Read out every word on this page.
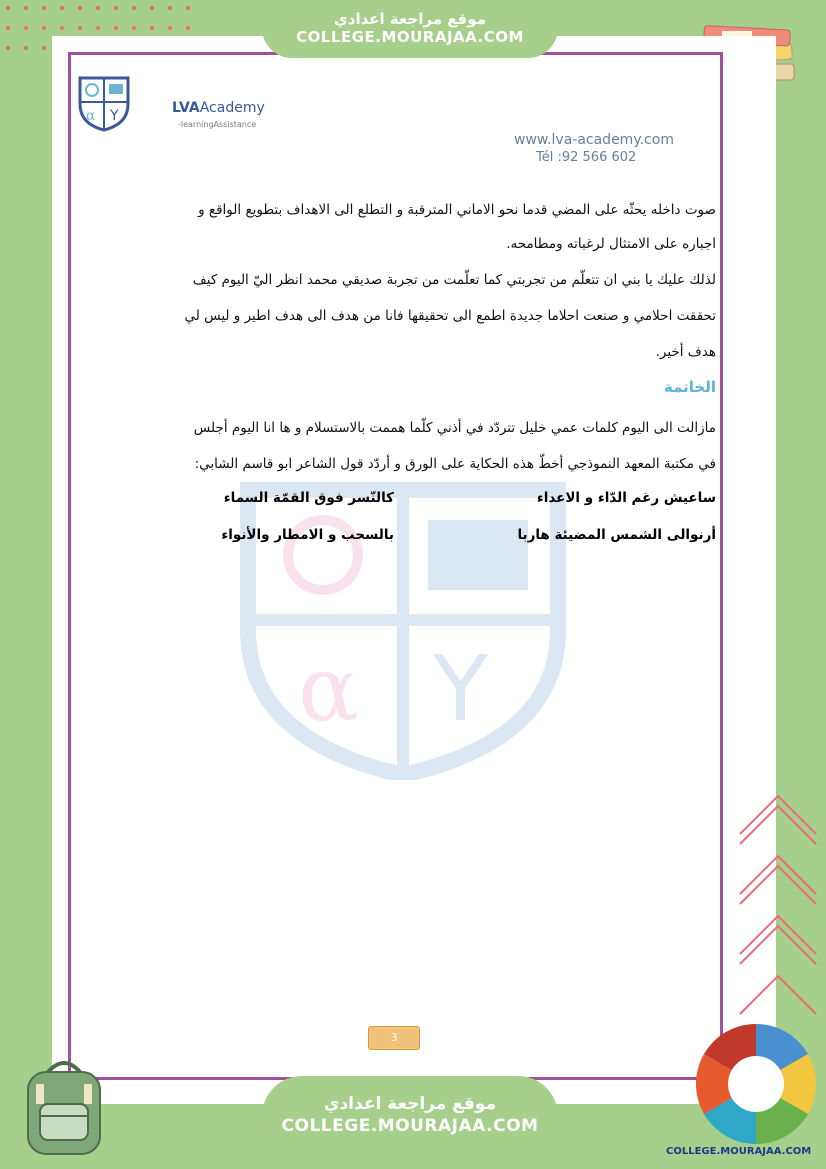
موقع مراجعة اعدادي
COLLEGE.MOURAJAA.COM
α Y	LVAAcademy
-learningAssistance
www.lva-academy.com
Tél :92 566 602
α Y
صوت داخله يحثّه على المضي قدما نحو الاماني المترقبة و التطلع الى الاهداف بتطويع الواقع و
اجباره على الامتثال لرغباته ومطامحه.
لذلك عليك يا بني ان تتعلّم من تجربتي كما تعلّمت من تجربة صديقي محمد انظر اليّ اليوم كيف
تحققت احلامي و صنعت احلاما جديدة اطمع الى تحقيقها فانا من هدف الى هدف اطير و ليس لي
هدف أخير.
الخاتمة
مازالت الى اليوم كلمات عمي خليل تتردّد في أذني كلّما هممت بالاستسلام و ها انا اليوم أجلس
في مكتبة المعهد النموذجي أخطّ هذه الحكاية على الورق و أردّد قول الشاعر ابو قاسم الشابي:
ساعيش رغم الدّاء و الاعداء
كالنّسر فوق القمّة السماء
أرنوالى الشمس المضيئة هاربا
بالسحب و الامطار والأنواء
3
موقع مراجعة اعدادي
COLLEGE.MOURAJAA.COM
COLLEGE.MOURAJAA.COM
